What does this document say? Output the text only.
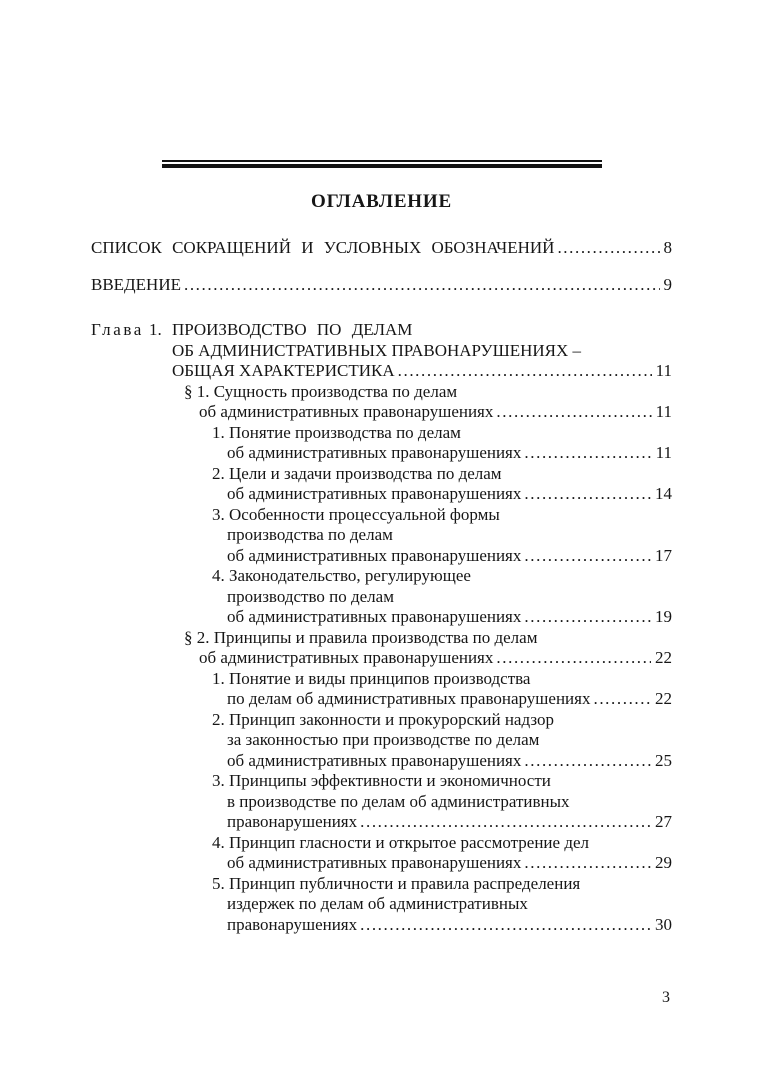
ОГЛАВЛЕНИЕ
СПИСОК СОКРАЩЕНИЙ И УСЛОВНЫХ ОБОЗНАЧЕНИЙ .....	8
ВВЕДЕНИЕ .....	9
Глава 1. ПРОИЗВОДСТВО ПО ДЕЛАМ
ОБ АДМИНИСТРАТИВНЫХ ПРАВОНАРУШЕНИЯХ –
ОБЩАЯ ХАРАКТЕРИСТИКА .....	11
§ 1. Сущность производства по делам
об административных правонарушениях .....	11
1. Понятие производства по делам
об административных правонарушениях .....	11
2. Цели и задачи производства по делам
об административных правонарушениях .....	14
3. Особенности процессуальной формы
производства по делам
об административных правонарушениях .....	17
4. Законодательство, регулирующее
производство по делам
об административных правонарушениях .....	19
§ 2. Принципы и правила производства по делам
об административных правонарушениях .....	22
1. Понятие и виды принципов производства
по делам об административных правонарушениях .....	22
2. Принцип законности и прокурорский надзор
за законностью при производстве по делам
об административных правонарушениях .....	25
3. Принципы эффективности и экономичности
в производстве по делам об административных
правонарушениях .....	27
4. Принцип гласности и открытое рассмотрение дел
об административных правонарушениях .....	29
5. Принцип публичности и правила распределения
издержек по делам об административных
правонарушениях .....	30
3
